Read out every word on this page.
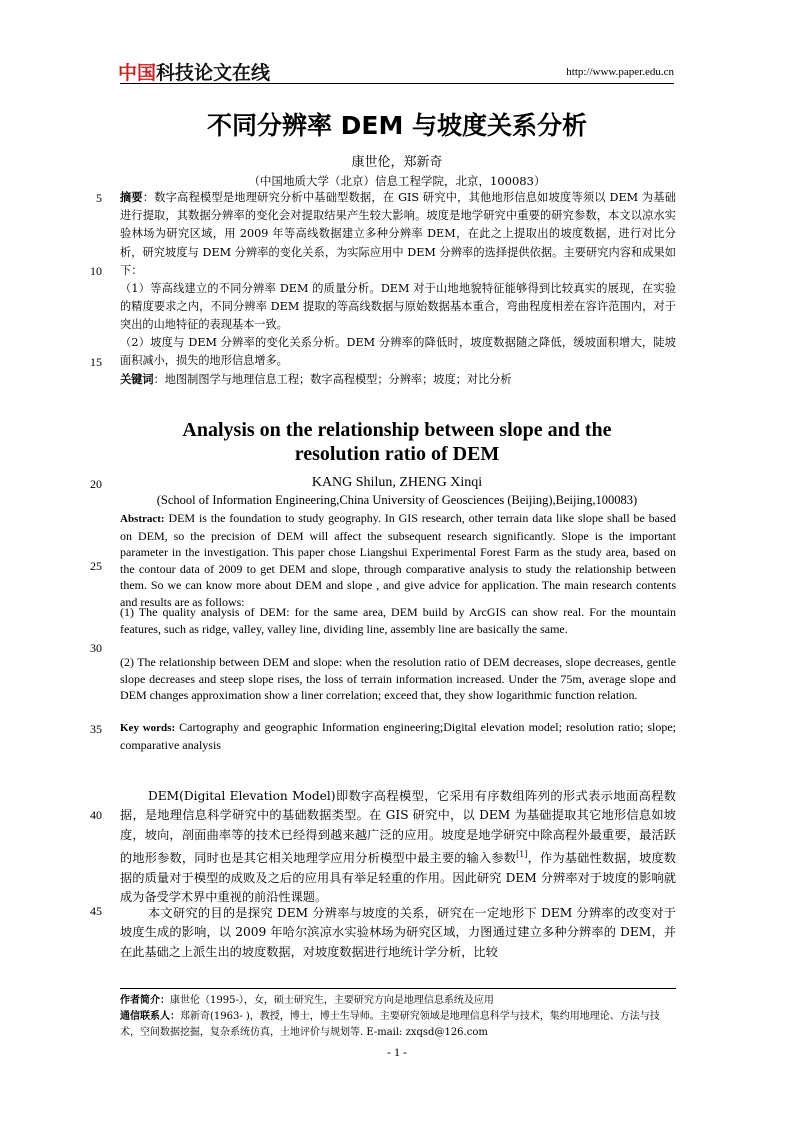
中国科技论文在线	http://www.paper.edu.cn
不同分辨率 DEM 与坡度关系分析
康世伦，郑新奇
（中国地质大学（北京）信息工程学院，北京，100083）
5
10
15
20
25
30
35
40
45

摘要：数字高程模型是地理研究分析中基础型数据，在 GIS 研究中，其他地形信息如坡度等须以 DEM 为基础进行提取，其数据分辨率的变化会对提取结果产生较大影响。坡度是地学研究中重要的研究参数，本文以凉水实验林场为研究区域，用 2009 年等高线数据建立多种分辨率 DEM，在此之上提取出的坡度数据，进行对比分析，研究坡度与 DEM 分辨率的变化关系，为实际应用中 DEM 分辨率的选择提供依据。主要研究内容和成果如下：

（1）等高线建立的不同分辨率 DEM 的质量分析。DEM 对于山地地貌特征能够得到比较真实的展现，在实验的精度要求之内，不同分辨率 DEM 提取的等高线数据与原始数据基本重合，弯曲程度相差在容许范围内，对于突出的山地特征的表现基本一致。

（2）坡度与 DEM 分辨率的变化关系分析。DEM 分辨率的降低时，坡度数据随之降低，缓坡面积增大，陡坡面积减小，损失的地形信息增多。

关键词：地图制图学与地理信息工程；数字高程模型；分辨率；坡度；对比分析

Analysis on the relationship between slope and the
resolution ratio of DEM
KANG Shilun, ZHENG Xinqi
(School of Information Engineering,China University of Geosciences (Beijing),Beijing,100083)

Abstract: DEM is the foundation to study geography. In GIS research, other terrain data like slope shall be based on DEM, so the precision of DEM will affect the subsequent research significantly. Slope is the important parameter in the investigation. This paper chose Liangshui Experimental Forest Farm as the study area, based on the contour data of 2009 to get DEM and slope, through comparative analysis to study the relationship between them. So we can know more about DEM and slope , and give advice for application. The main research contents and results are as follows:

(1) The quality analysis of DEM: for the same area, DEM build by ArcGIS can show real. For the mountain features, such as ridge, valley, valley line, dividing line, assembly line are basically the same.

(2) The relationship between DEM and slope: when the resolution ratio of DEM decreases, slope decreases, gentle slope decreases and steep slope rises, the loss of terrain information increased. Under the 75m, average slope and DEM changes approximation show a liner correlation; exceed that, they show logarithmic function relation.

Key words: Cartography and geographic Information engineering;Digital elevation model; resolution ratio; slope; comparative analysis

DEM(Digital Elevation Model)即数字高程模型，它采用有序数组阵列的形式表示地面高程数据，是地理信息科学研究中的基础数据类型。在 GIS 研究中，以 DEM 为基础提取其它地形信息如坡度，坡向，剖面曲率等的技术已经得到越来越广泛的应用。坡度是地学研究中除高程外最重要，最活跃的地形参数，同时也是其它相关地理学应用分析模型中最主要的输入参数[1]，作为基础性数据，坡度数据的质量对于模型的成败及之后的应用具有举足轻重的作用。因此研究 DEM 分辨率对于坡度的影响就成为备受学术界中重视的前沿性课题。

本文研究的目的是探究 DEM 分辨率与坡度的关系，研究在一定地形下 DEM 分辨率的改变对于坡度生成的影响，以 2009 年哈尔滨凉水实验林场为研究区域，力图通过建立多种分辨率的 DEM，并在此基础之上派生出的坡度数据，对坡度数据进行地统计学分析，比较

作者简介：康世伦（1995-），女，硕士研究生，主要研究方向是地理信息系统及应用
通信联系人：郑新奇(1963- )，教授，博士，博士生导师。主要研究领域是地理信息科学与技术，集约用地理论、方法与技术，空间数据挖掘，复杂系统仿真，土地评价与规划等. E-mail: zxqsd@126.com
- 1 -
